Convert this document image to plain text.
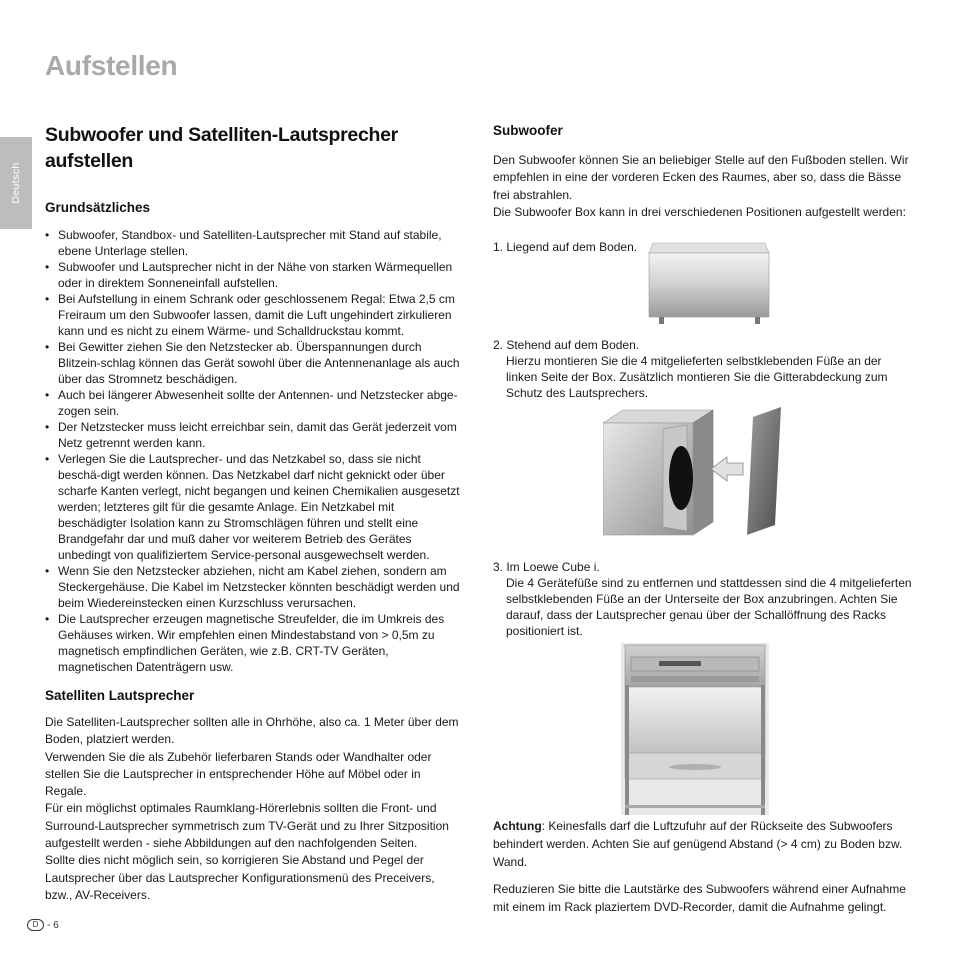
Aufstellen
Deutsch
Subwoofer und Satelliten-Lautsprecher
aufstellen
Grundsätzliches
• Subwoofer, Standbox- und Satelliten-Lautsprecher mit Stand auf stabile, ebene Unterlage stellen.
• Subwoofer und Lautsprecher nicht in der Nähe von starken Wärmequellen oder in direktem Sonneneinfall aufstellen.
• Bei Aufstellung in einem Schrank oder geschlossenem Regal: Etwa 2,5 cm Freiraum um den Subwoofer lassen, damit die Luft ungehindert zirkulieren kann und es nicht zu einem Wärme- und Schalldruckstau kommt.
• Bei Gewitter ziehen Sie den Netzstecker ab. Überspannungen durch Blitzein-schlag können das Gerät sowohl über die Antennenanlage als auch über das Stromnetz beschädigen.
• Auch bei längerer Abwesenheit sollte der Antennen- und Netzstecker abge-zogen sein.
• Der Netzstecker muss leicht erreichbar sein, damit das Gerät jederzeit vom Netz getrennt werden kann.
• Verlegen Sie die Lautsprecher- und das Netzkabel so, dass sie nicht beschä-digt werden können. Das Netzkabel darf nicht geknickt oder über scharfe Kanten verlegt, nicht begangen und keinen Chemikalien ausgesetzt werden; letzteres gilt für die gesamte Anlage. Ein Netzkabel mit beschädigter Isolation kann zu Stromschlägen führen und stellt eine Brandgefahr dar und muß daher vor weiterem Betrieb des Gerätes unbedingt von qualifiziertem Service-personal ausgewechselt werden.
• Wenn Sie den Netzstecker abziehen, nicht am Kabel ziehen, sondern am Steckergehäuse. Die Kabel im Netzstecker könnten beschädigt werden und beim Wiedereinstecken einen Kurzschluss verursachen.
• Die Lautsprecher erzeugen magnetische Streufelder, die im Umkreis des Gehäuses wirken. Wir empfehlen einen Mindestabstand von > 0,5m zu magnetisch empfindlichen Geräten, wie z.B. CRT-TV Geräten, magnetischen Datenträgern usw.
Satelliten Lautsprecher

Die Satelliten-Lautsprecher sollten alle in Ohrhöhe, also ca. 1 Meter über dem Boden, platziert werden.

Verwenden Sie die als Zubehör lieferbaren Stands oder Wandhalter oder stellen Sie die Lautsprecher in entsprechender Höhe auf Möbel oder in Regale.

Für ein möglichst optimales Raumklang-Hörerlebnis sollten die Front- und Surround-Lautsprecher symmetrisch zum TV-Gerät und zu Ihrer Sitzposition aufgestellt werden - siehe Abbildungen auf den nachfolgenden Seiten.

Sollte dies nicht möglich sein, so korrigieren Sie Abstand und Pegel der Lautsprecher über das Lautsprecher Konfigurationsmenü des Preceivers, bzw., AV-Receivers.

Subwoofer

Den Subwoofer können Sie an beliebiger Stelle auf den Fußboden stellen. Wir empfehlen in eine der vorderen Ecken des Raumes, aber so, dass die Bässe frei abstrahlen.

Die Subwoofer Box kann in drei verschiedenen Positionen aufgestellt werden:

1. Liegend auf dem Boden.

2. Stehend auf dem Boden.

Hierzu montieren Sie die 4 mitgelieferten selbstklebenden Füße an der linken Seite der Box. Zusätzlich montieren Sie die Gitterabdeckung zum Schutz des Lautsprechers.

3. Im Loewe Cube i.

Die 4 Gerätefüße sind zu entfernen und stattdessen sind die 4 mitgelieferten selbstklebenden Füße an der Unterseite der Box anzubringen. Achten Sie darauf, dass der Lautsprecher genau über der Schallöffnung des Racks positioniert ist.

Achtung: Keinesfalls darf die Luftzufuhr auf der Rückseite des Subwoofers behindert werden. Achten Sie auf genügend Abstand (> 4 cm) zu Boden bzw. Wand.

Reduzieren Sie bitte die Lautstärke des Subwoofers während einer Aufnahme mit einem im Rack plaziertem DVD-Recorder, damit die Aufnahme gelingt.

D - 6
